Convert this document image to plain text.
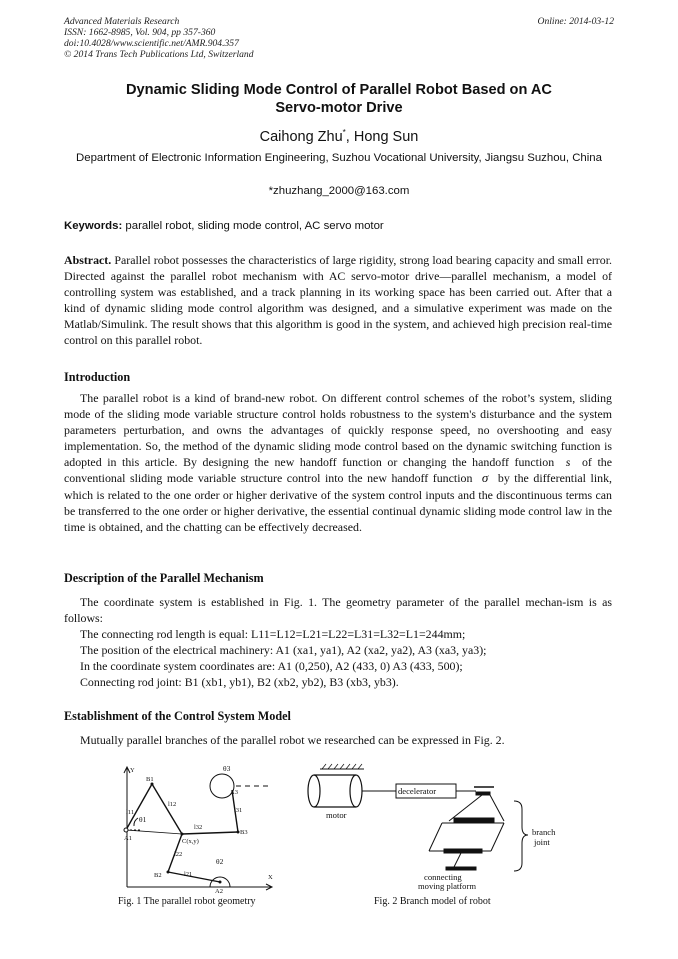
Advanced Materials Research
ISSN: 1662-8985, Vol. 904, pp 357-360
doi:10.4028/www.scientific.net/AMR.904.357
© 2014 Trans Tech Publications Ltd, Switzerland
Online: 2014-03-12
Dynamic Sliding Mode Control of Parallel Robot Based on AC
Servo-motor Drive
Caihong Zhu*, Hong Sun
Department of Electronic Information Engineering, Suzhou Vocational University, Jiangsu Suzhou, China
*zhuzhang_2000@163.com
Keywords: parallel robot, sliding mode control, AC servo motor
Abstract. Parallel robot possesses the characteristics of large rigidity, strong load bearing capacity and small error. Directed against the parallel robot mechanism with AC servo-motor drive—parallel mechanism, a model of controlling system was established, and a track planning in its working space has been carried out. After that a kind of dynamic sliding mode control algorithm was designed, and a simulative experiment was made on the Matlab/Simulink. The result shows that this algorithm is good in the system, and achieved high precision real-time control on this parallel robot.
Introduction
The parallel robot is a kind of brand-new robot. On different control schemes of the robot’s system, sliding mode of the sliding mode variable structure control holds robustness to the system's disturbance and the system parameters perturbation, and owns the advantages of quickly response speed, no overshooting and easy implementation. So, the method of the dynamic sliding mode control based on the dynamic switching function is adopted in this article. By designing the new handoff function or changing the handoff function s of the conventional sliding mode variable structure control into the new handoff function σ by the differential link, which is related to the one order or higher derivative of the system control inputs and the discontinuous terms can be transferred to the one order or higher derivative, the essential continual dynamic sliding mode control law in the time is obtained, and the chatting can be effectively decreased.
Description of the Parallel Mechanism
The coordinate system is established in Fig. 1. The geometry parameter of the parallel mechan-ism is as follows:
The connecting rod length is equal: L11=L12=L21=L22=L31=L32=L1=244mm;
The position of the electrical machinery: A1 (xa1, ya1), A2 (xa2, ya2), A3 (xa3, ya3);
In the coordinate system coordinates are: A1 (0,250), A2 (433, 0) A3 (433, 500);
Connecting rod joint: B1 (xb1, yb1), B2 (xb2, yb2), B3 (xb3, yb3).
Establishment of the Control System Model
Mutually parallel branches of the parallel robot we researched can be expressed in Fig. 2.
Y
X
B1
l11
l12
A1
θ1
θ3
A3
l31
l32
B3
C(x,y)
l22
l21
B2
θ2
A2
Fig. 1 The parallel robot geometry
decelerator
motor
branch
joint
connecting
moving platform
Fig. 2 Branch model of robot
